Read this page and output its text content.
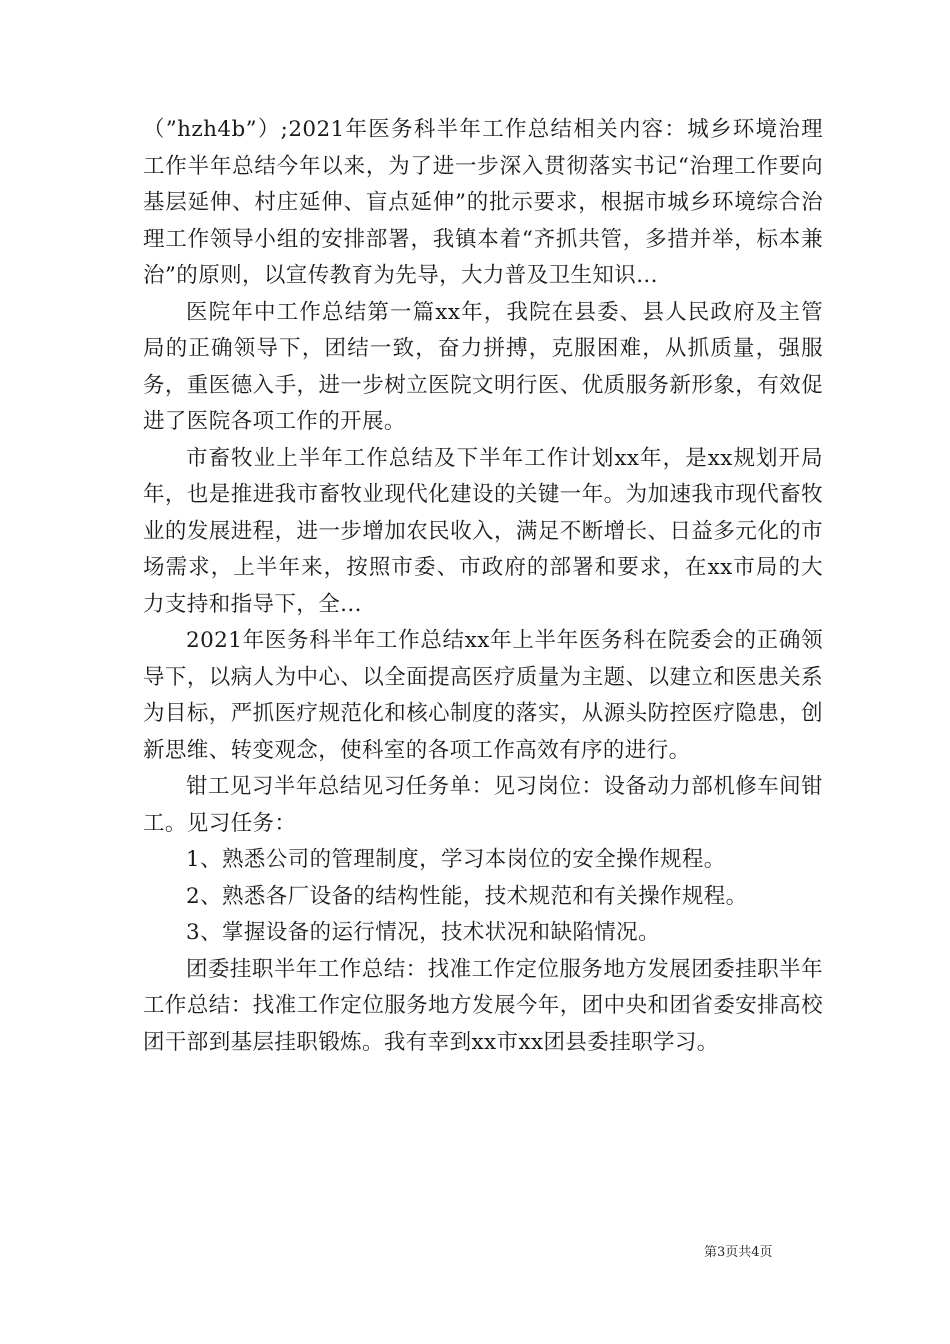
（”hzh4b”）;2021年医务科半年工作总结相关内容：城乡环境治理工作半年总结今年以来，为了进一步深入贯彻落实书记“治理工作要向基层延伸、村庄延伸、盲点延伸”的批示要求，根据市城乡环境综合治理工作领导小组的安排部署，我镇本着“齐抓共管，多措并举，标本兼治”的原则，以宣传教育为先导，大力普及卫生知识...

医院年中工作总结第一篇xx年，我院在县委、县人民政府及主管局的正确领导下，团结一致，奋力拼搏，克服困难，从抓质量，强服务，重医德入手，进一步树立医院文明行医、优质服务新形象，有效促进了医院各项工作的开展。

市畜牧业上半年工作总结及下半年工作计划xx年，是xx规划开局年，也是推进我市畜牧业现代化建设的关键一年。为加速我市现代畜牧业的发展进程，进一步增加农民收入，满足不断增长、日益多元化的市场需求，上半年来，按照市委、市政府的部署和要求，在xx市局的大力支持和指导下，全...

2021年医务科半年工作总结xx年上半年医务科在院委会的正确领导下，以病人为中心、以全面提高医疗质量为主题、以建立和医患关系为目标，严抓医疗规范化和核心制度的落实，从源头防控医疗隐患，创新思维、转变观念，使科室的各项工作高效有序的进行。

钳工见习半年总结见习任务单：见习岗位：设备动力部机修车间钳工。见习任务：

1、熟悉公司的管理制度，学习本岗位的安全操作规程。

2、熟悉各厂设备的结构性能，技术规范和有关操作规程。

3、掌握设备的运行情况，技术状况和缺陷情况。

团委挂职半年工作总结：找准工作定位服务地方发展团委挂职半年工作总结：找准工作定位服务地方发展今年，团中央和团省委安排高校团干部到基层挂职锻炼。我有幸到xx市xx团县委挂职学习。

第3页共4页
